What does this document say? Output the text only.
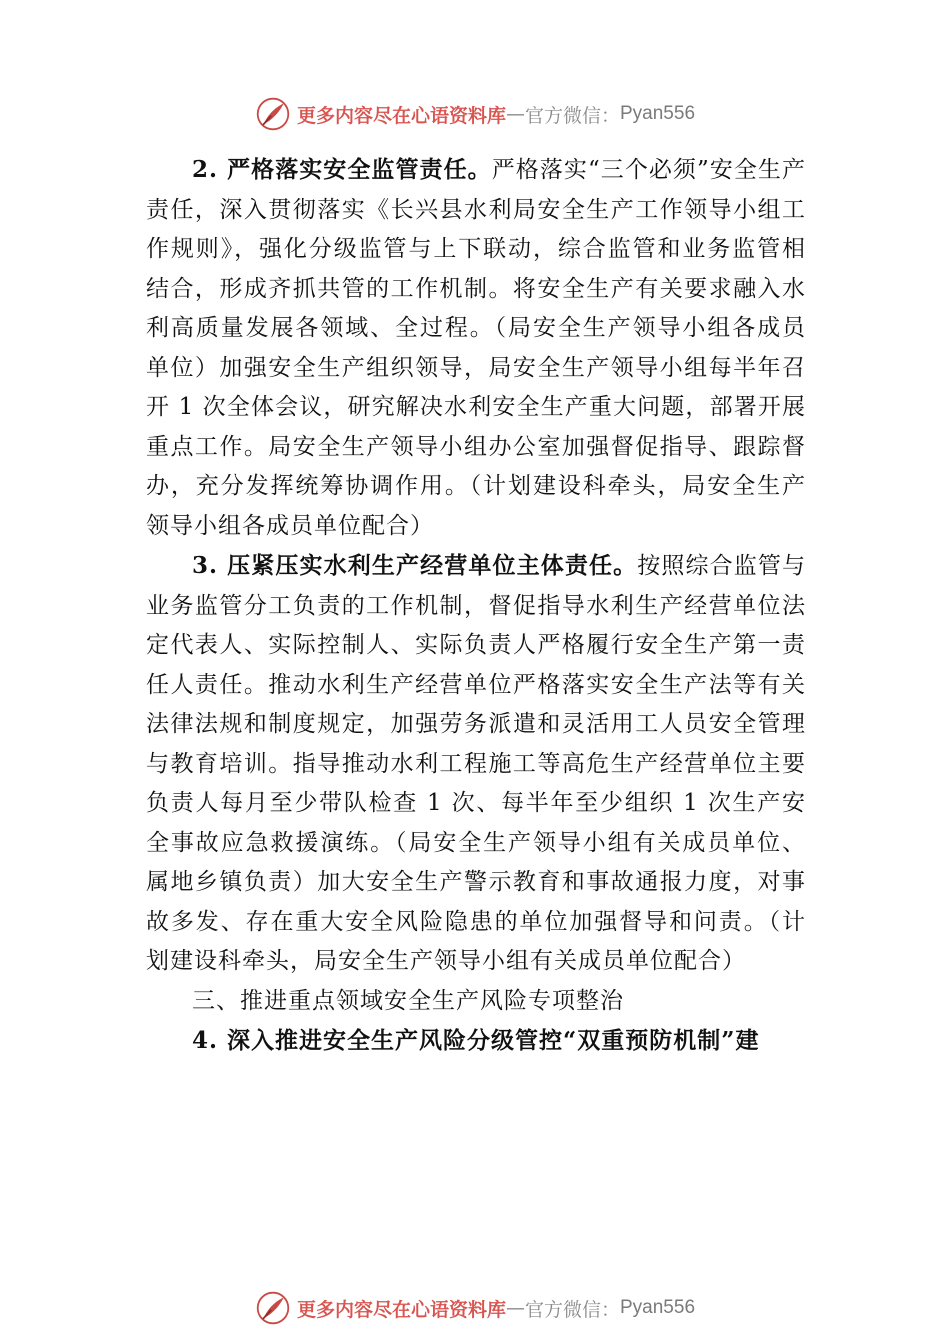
更多内容尽在心语资料库 — 官方微信： Pyan556

2. 严格落实安全监管责任。严格落实“三个必须”安全生产责任，深入贯彻落实《长兴县水利局安全生产工作领导小组工作规则》，强化分级监管与上下联动，综合监管和业务监管相结合，形成齐抓共管的工作机制。将安全生产有关要求融入水利高质量发展各领域、全过程。（局安全生产领导小组各成员单位）加强安全生产组织领导，局安全生产领导小组每半年召开 1 次全体会议，研究解决水利安全生产重大问题，部署开展重点工作。局安全生产领导小组办公室加强督促指导、跟踪督办，充分发挥统筹协调作用。（计划建设科牵头，局安全生产领导小组各成员单位配合）

3. 压紧压实水利生产经营单位主体责任。按照综合监管与业务监管分工负责的工作机制，督促指导水利生产经营单位法定代表人、实际控制人、实际负责人严格履行安全生产第一责任人责任。推动水利生产经营单位严格落实安全生产法等有关法律法规和制度规定，加强劳务派遣和灵活用工人员安全管理与教育培训。指导推动水利工程施工等高危生产经营单位主要负责人每月至少带队检查 1 次、每半年至少组织 1 次生产安全事故应急救援演练。（局安全生产领导小组有关成员单位、属地乡镇负责）加大安全生产警示教育和事故通报力度，对事故多发、存在重大安全风险隐患的单位加强督导和问责。（计划建设科牵头，局安全生产领导小组有关成员单位配合）

三、推进重点领域安全生产风险专项整治

4. 深入推进安全生产风险分级管控“双重预防机制”建

更多内容尽在心语资料库 — 官方微信： Pyan556
